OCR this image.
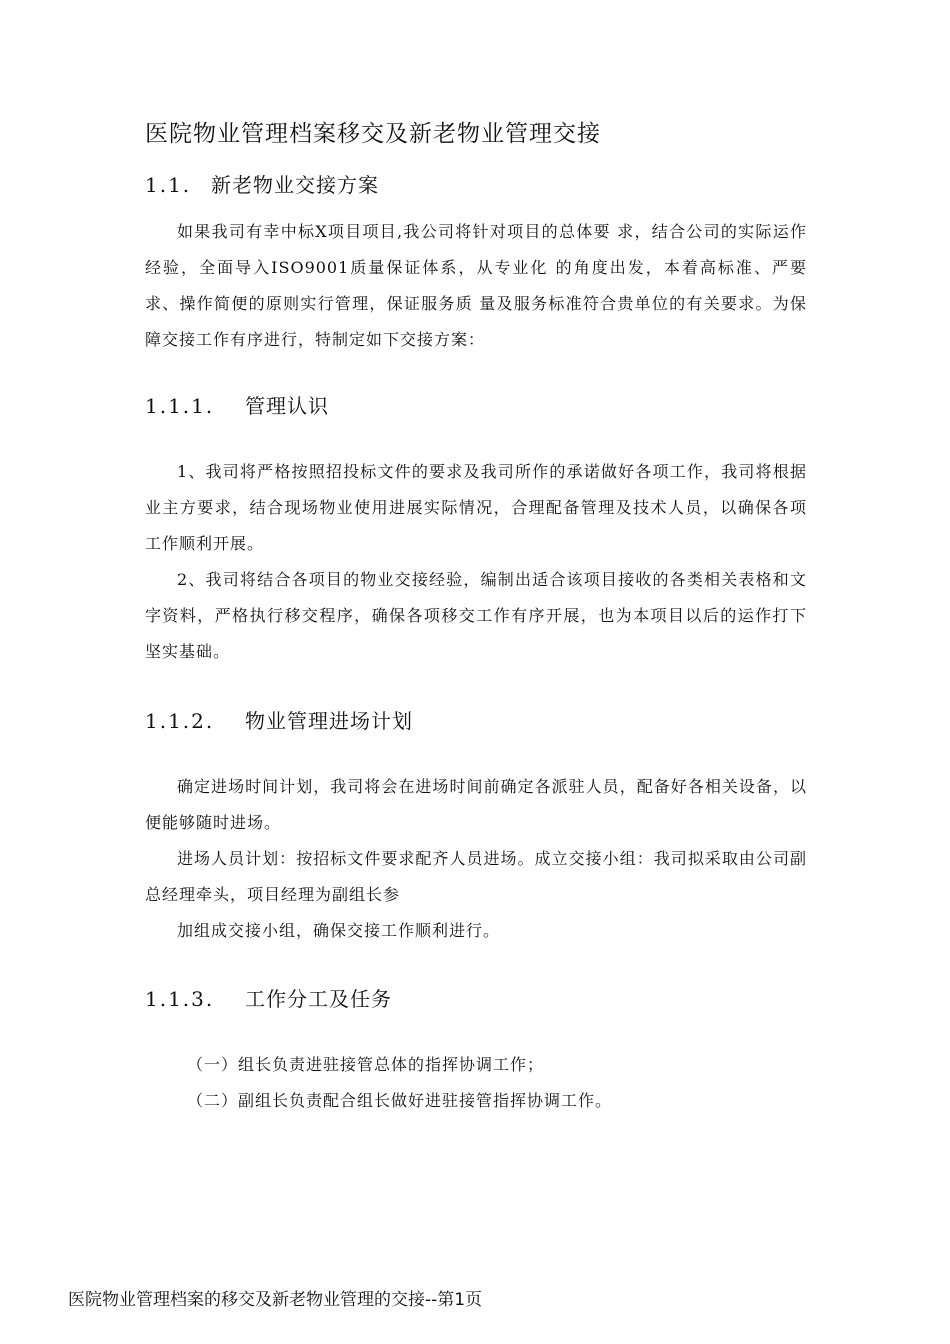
医院物业管理档案移交及新老物业管理交接
1.1. 新老物业交接方案

如果我司有幸中标X项目项目,我公司将针对项目的总体要 求，结合公司的实际运作经验，全面导入ISO9001质量保证体系，从专业化 的角度出发，本着高标准、严要求、操作简便的原则实行管理，保证服务质 量及服务标准符合贵单位的有关要求。为保障交接工作有序进行，特制定如下交接方案：

1.1.1. 管理认识

1、我司将严格按照招投标文件的要求及我司所作的承诺做好各项工作，我司将根据业主方要求，结合现场物业使用进展实际情况，合理配备管理及技术人员，以确保各项工作顺利开展。

2、我司将结合各项目的物业交接经验，编制出适合该项目接收的各类相关表格和文字资料，严格执行移交程序，确保各项移交工作有序开展，也为本项目以后的运作打下坚实基础。

1.1.2. 物业管理进场计划

确定进场时间计划，我司将会在进场时间前确定各派驻人员，配备好各相关设备，以便能够随时进场。

进场人员计划：按招标文件要求配齐人员进场。成立交接小组：我司拟采取由公司副总经理牵头，项目经理为副组长参

加组成交接小组，确保交接工作顺利进行。

1.1.3. 工作分工及任务

（一）组长负责进驻接管总体的指挥协调工作；

（二）副组长负责配合组长做好进驻接管指挥协调工作。

医院物业管理档案的移交及新老物业管理的交接--第1页
